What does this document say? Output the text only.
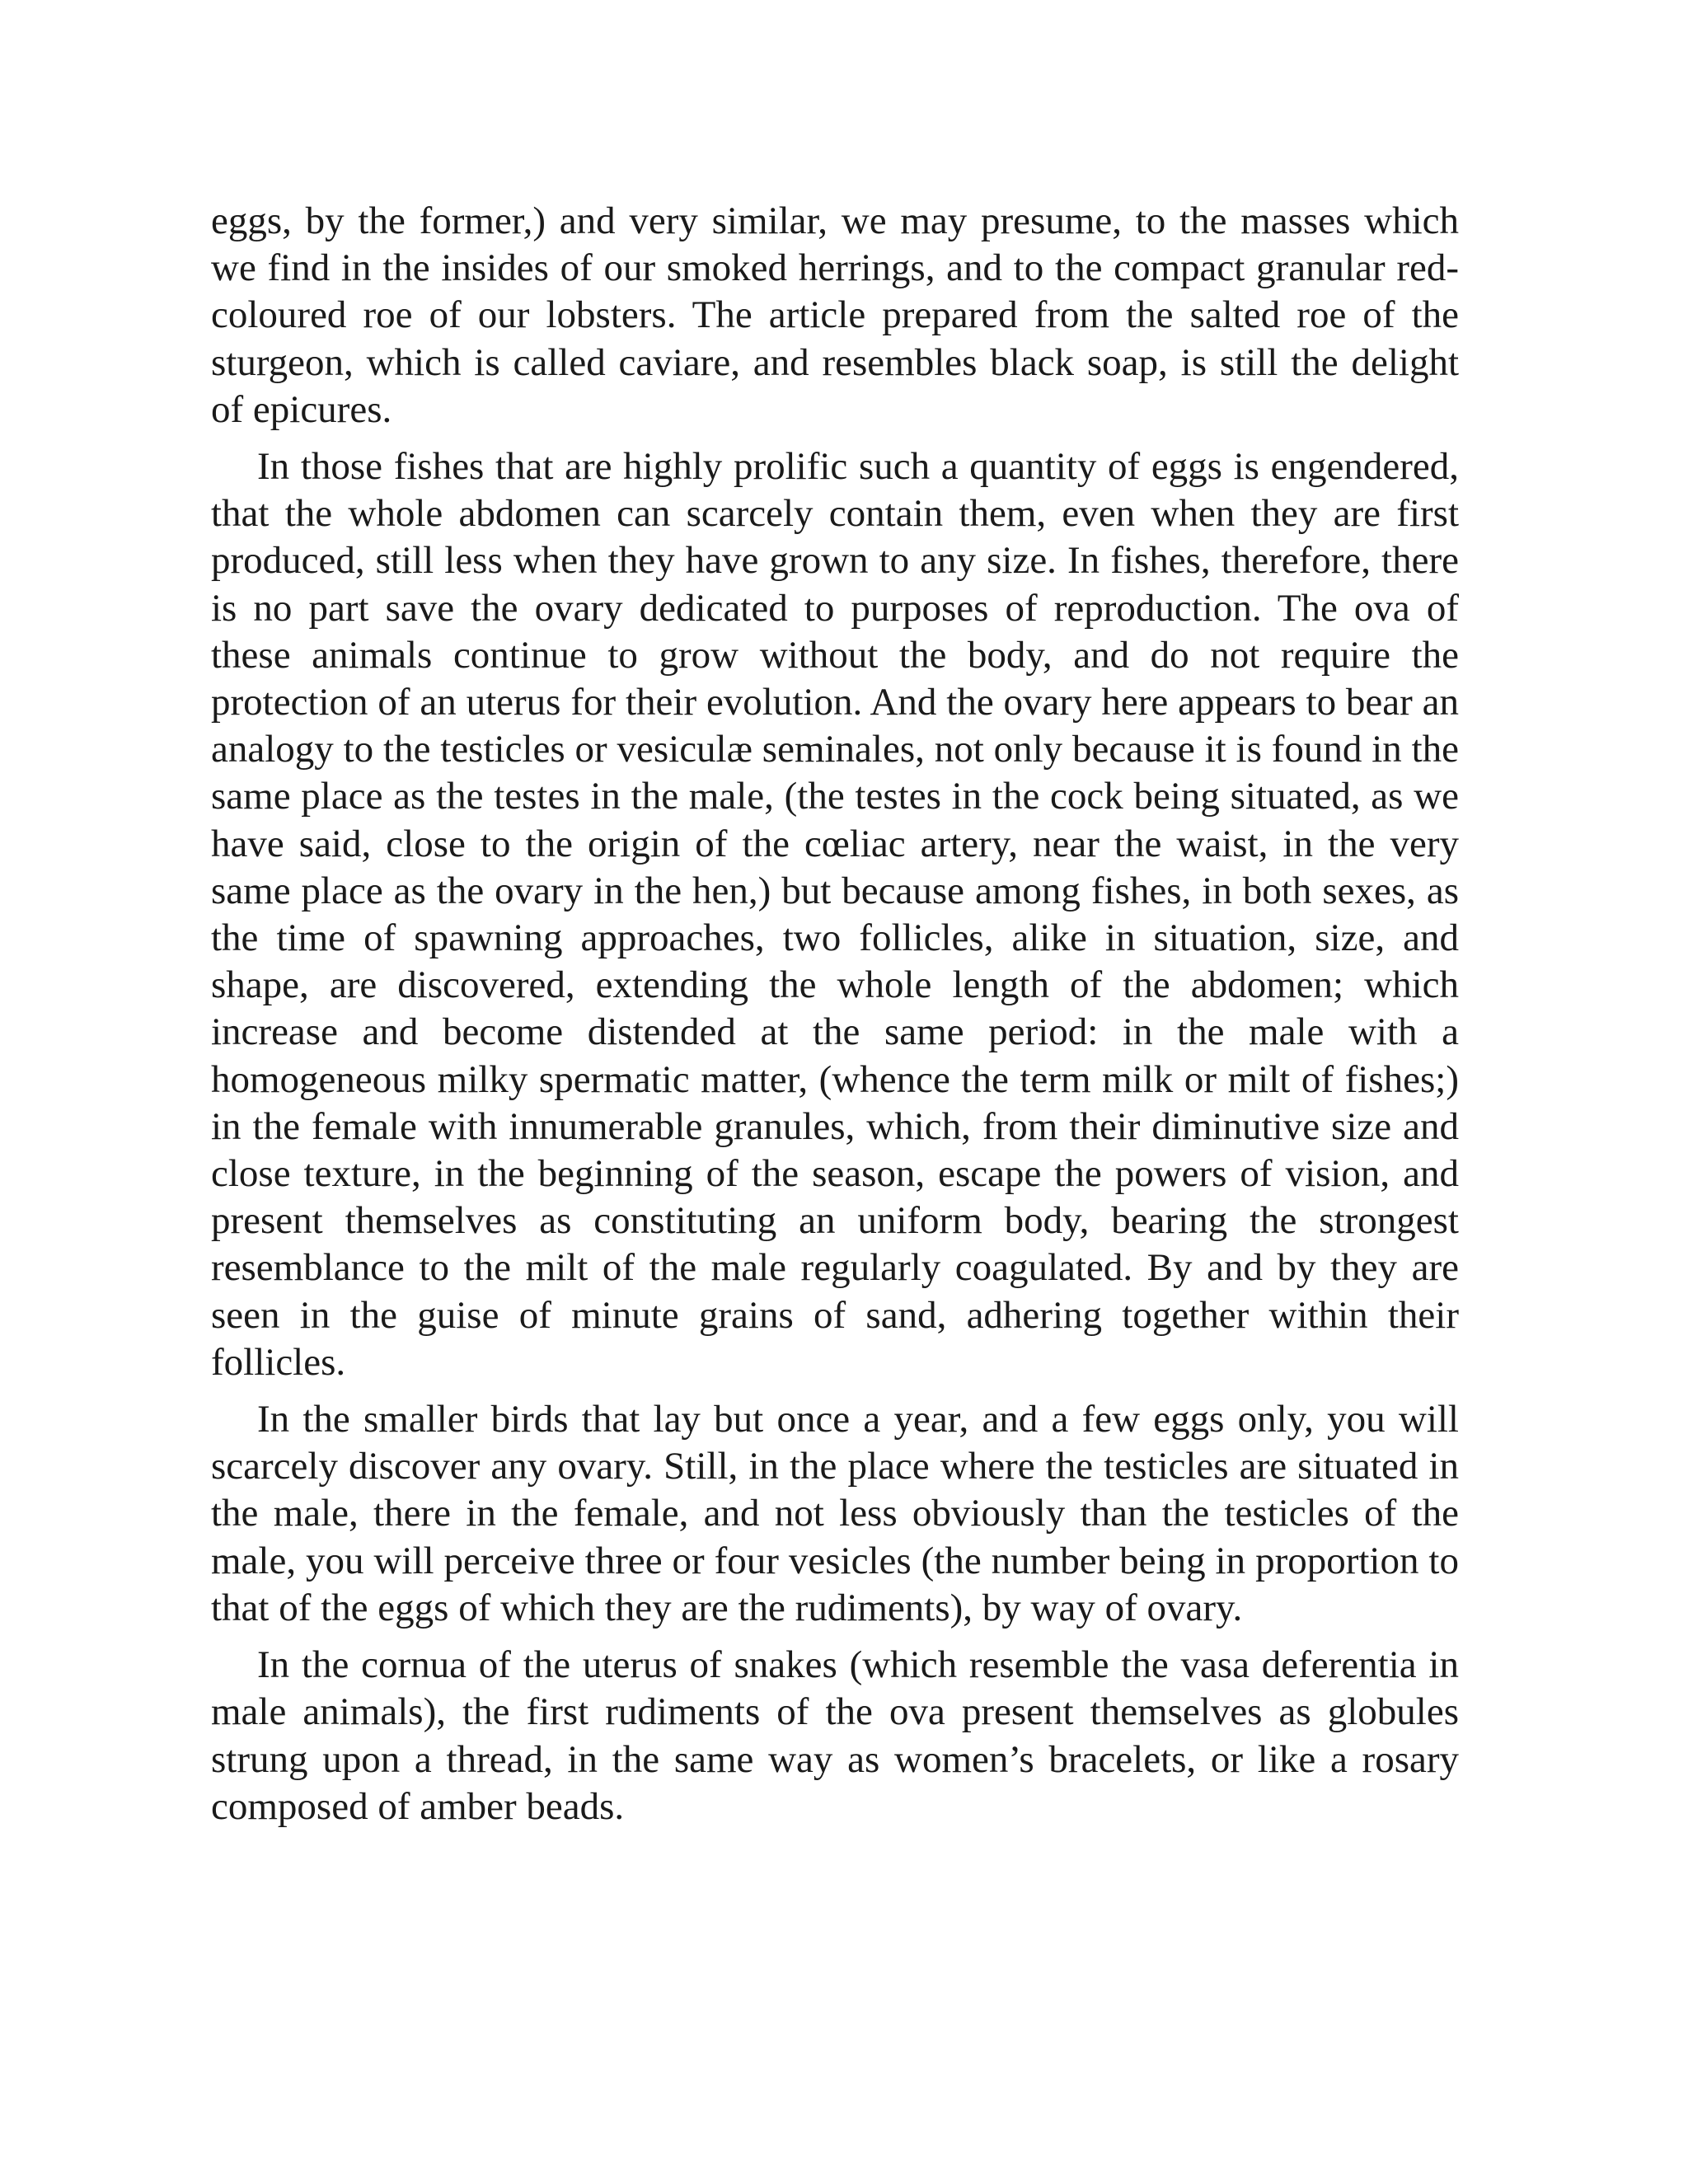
eggs, by the former,) and very similar, we may presume, to the masses which we find in the insides of our smoked herrings, and to the compact granular red-coloured roe of our lobsters. The article prepared from the salted roe of the sturgeon, which is called caviare, and resembles black soap, is still the delight of epicures.

In those fishes that are highly prolific such a quantity of eggs is engendered, that the whole abdomen can scarcely contain them, even when they are first produced, still less when they have grown to any size. In fishes, therefore, there is no part save the ovary dedicated to purposes of reproduction. The ova of these animals continue to grow without the body, and do not require the protection of an uterus for their evolution. And the ovary here appears to bear an analogy to the testicles or vesiculæ seminales, not only because it is found in the same place as the testes in the male, (the testes in the cock being situated, as we have said, close to the origin of the cœliac artery, near the waist, in the very same place as the ovary in the hen,) but because among fishes, in both sexes, as the time of spawning approaches, two follicles, alike in situation, size, and shape, are discovered, extending the whole length of the abdomen; which increase and become distended at the same period: in the male with a homogeneous milky spermatic matter, (whence the term milk or milt of fishes;) in the female with innumerable granules, which, from their diminutive size and close texture, in the beginning of the season, escape the powers of vision, and present themselves as constituting an uniform body, bearing the strongest resemblance to the milt of the male regularly coagulated. By and by they are seen in the guise of minute grains of sand, adhering together within their follicles.

In the smaller birds that lay but once a year, and a few eggs only, you will scarcely discover any ovary. Still, in the place where the testicles are situated in the male, there in the female, and not less obviously than the testicles of the male, you will perceive three or four vesicles (the number being in proportion to that of the eggs of which they are the rudiments), by way of ovary.

In the cornua of the uterus of snakes (which resemble the vasa deferentia in male animals), the first rudiments of the ova present themselves as globules strung upon a thread, in the same way as women’s bracelets, or like a rosary composed of amber beads.
